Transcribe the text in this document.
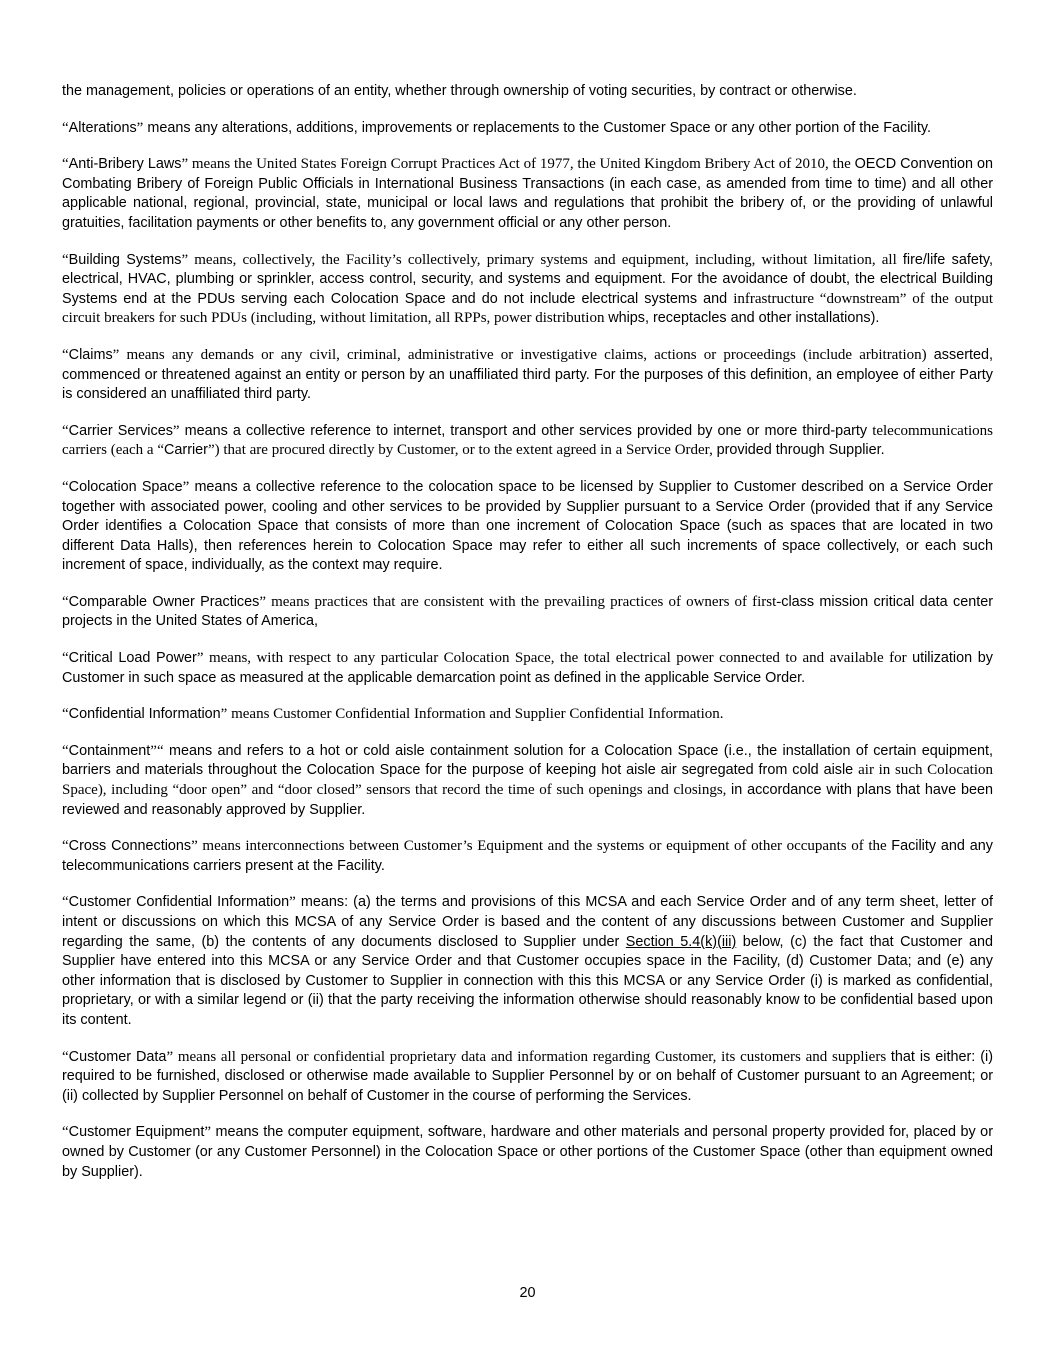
the management, policies or operations of an entity, whether through ownership of voting securities, by contract or otherwise.

“Alterations” means any alterations, additions, improvements or replacements to the Customer Space or any other portion of the Facility.

“Anti-Bribery Laws” means the United States Foreign Corrupt Practices Act of 1977, the United Kingdom Bribery Act of 2010, the OECD Convention on Combating Bribery of Foreign Public Officials in International Business Transactions (in each case, as amended from time to time) and all other applicable national, regional, provincial, state, municipal or local laws and regulations that prohibit the bribery of, or the providing of unlawful gratuities, facilitation payments or other benefits to, any government official or any other person.

“Building Systems” means, collectively, the Facility’s collectively, primary systems and equipment, including, without limitation, all fire/life safety, electrical, HVAC, plumbing or sprinkler, access control, security, and systems and equipment. For the avoidance of doubt, the electrical Building Systems end at the PDUs serving each Colocation Space and do not include electrical systems and infrastructure “downstream” of the output circuit breakers for such PDUs (including, without limitation, all RPPs, power distribution whips, receptacles and other installations).

“Claims” means any demands or any civil, criminal, administrative or investigative claims, actions or proceedings (include arbitration) asserted, commenced or threatened against an entity or person by an unaffiliated third party. For the purposes of this definition, an employee of either Party is considered an unaffiliated third party.

“Carrier Services” means a collective reference to internet, transport and other services provided by one or more third-party telecommunications carriers (each a “Carrier”) that are procured directly by Customer, or to the extent agreed in a Service Order, provided through Supplier.

“Colocation Space” means a collective reference to the colocation space to be licensed by Supplier to Customer described on a Service Order together with associated power, cooling and other services to be provided by Supplier pursuant to a Service Order (provided that if any Service Order identifies a Colocation Space that consists of more than one increment of Colocation Space (such as spaces that are located in two different Data Halls), then references herein to Colocation Space may refer to either all such increments of space collectively, or each such increment of space, individually, as the context may require.

“Comparable Owner Practices” means practices that are consistent with the prevailing practices of owners of first-class mission critical data center projects in the United States of America,

“Critical Load Power” means, with respect to any particular Colocation Space, the total electrical power connected to and available for utilization by Customer in such space as measured at the applicable demarcation point as defined in the applicable Service Order.

“Confidential Information” means Customer Confidential Information and Supplier Confidential Information.

“Containment”“ means and refers to a hot or cold aisle containment solution for a Colocation Space (i.e., the installation of certain equipment, barriers and materials throughout the Colocation Space for the purpose of keeping hot aisle air segregated from cold aisle air in such Colocation Space), including “door open” and “door closed” sensors that record the time of such openings and closings, in accordance with plans that have been reviewed and reasonably approved by Supplier.

“Cross Connections” means interconnections between Customer’s Equipment and the systems or equipment of other occupants of the Facility and any telecommunications carriers present at the Facility.

“Customer Confidential Information” means: (a) the terms and provisions of this MCSA and each Service Order and of any term sheet, letter of intent or discussions on which this MCSA of any Service Order is based and the content of any discussions between Customer and Supplier regarding the same, (b) the contents of any documents disclosed to Supplier under Section 5.4(k)(iii) below, (c) the fact that Customer and Supplier have entered into this MCSA or any Service Order and that Customer occupies space in the Facility, (d) Customer Data; and (e) any other information that is disclosed by Customer to Supplier in connection with this this MCSA or any Service Order (i) is marked as confidential, proprietary, or with a similar legend or (ii) that the party receiving the information otherwise should reasonably know to be confidential based upon its content.

“Customer Data” means all personal or confidential proprietary data and information regarding Customer, its customers and suppliers that is either: (i) required to be furnished, disclosed or otherwise made available to Supplier Personnel by or on behalf of Customer pursuant to an Agreement; or (ii) collected by Supplier Personnel on behalf of Customer in the course of performing the Services.

“Customer Equipment” means the computer equipment, software, hardware and other materials and personal property provided for, placed by or owned by Customer (or any Customer Personnel) in the Colocation Space or other portions of the Customer Space (other than equipment owned by Supplier).

20
